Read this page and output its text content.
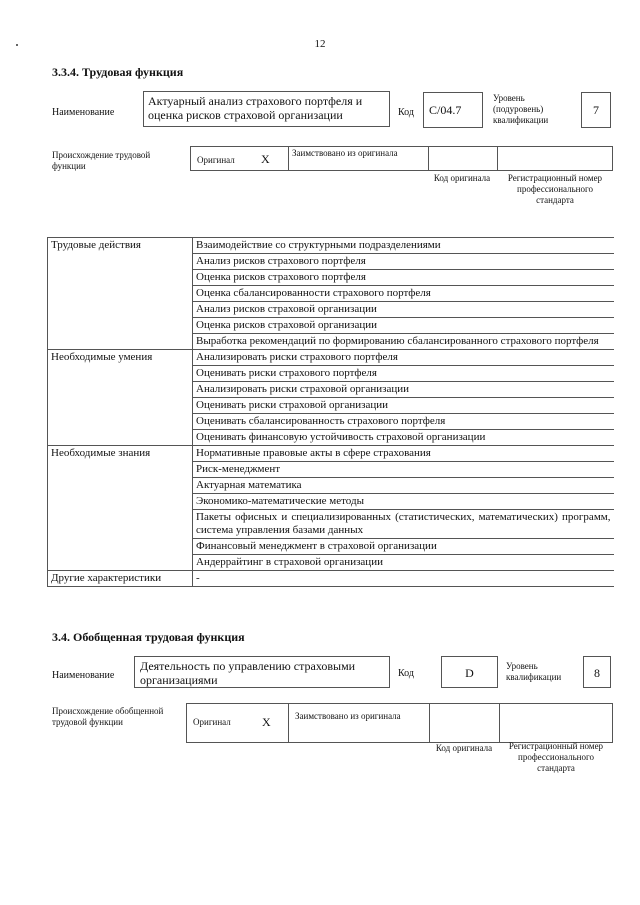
12
3.3.4. Трудовая функция
Наименование
Актуарный анализ страхового портфеля и оценка рисков страховой организации	Код C/04.7
Уровень (подуровень) квалификации
7
Происхождение трудовой функции
Оригинал X Заимствовано из оригинала
Код оригинала	Регистрационный номер профессионального стандарта
Трудовые действия	Взаимодействие со структурными подразделениями
	Анализ рисков страхового портфеля
	Оценка рисков страхового портфеля
	Оценка сбалансированности страхового портфеля
	Анализ рисков страховой организации
	Оценка рисков страховой организации
	Выработка рекомендаций по формированию сбалансированного страхового портфеля
Необходимые умения	Анализировать риски страхового портфеля
	Оценивать риски страхового портфеля
	Анализировать риски страховой организации
	Оценивать риски страховой организации
	Оценивать сбалансированность страхового портфеля
	Оценивать финансовую устойчивость страховой организации
Необходимые знания	Нормативные правовые акты в сфере страхования
	Риск-менеджмент
	Актуарная математика
	Экономико-математические методы
	Пакеты офисных и специализированных (статистических, математических) программ, система управления базами данных
	Финансовый менеджмент в страховой организации
	Андеррайтинг в страховой организации
Другие характеристики	-
3.4. Обобщенная трудовая функция
Наименование
Деятельность по управлению страховыми организациями	Код	D	Уровень квалификации	8
Происхождение обобщенной трудовой функции	Оригинал	X	Заимствовано из оригинала
Код оригинала	Регистрационный номер профессионального стандарта
